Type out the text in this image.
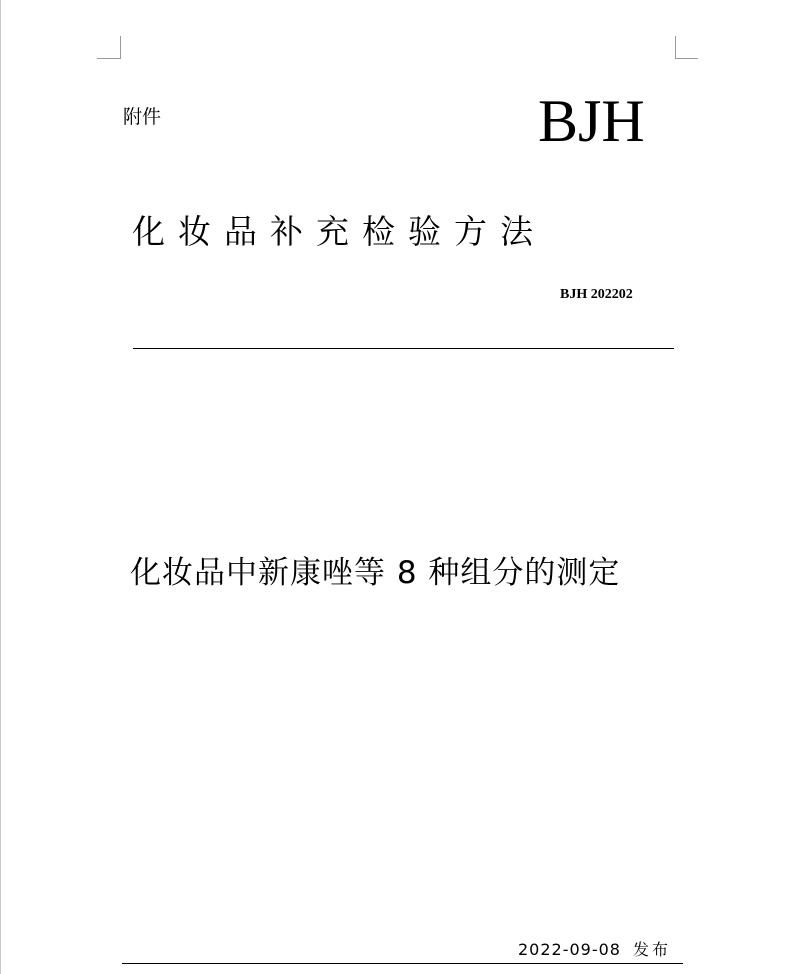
附件	BJH
化妆品补充检验方法
BJH 202202
化妆品中新康唑等 8 种组分的测定
2022-09-08 发布
